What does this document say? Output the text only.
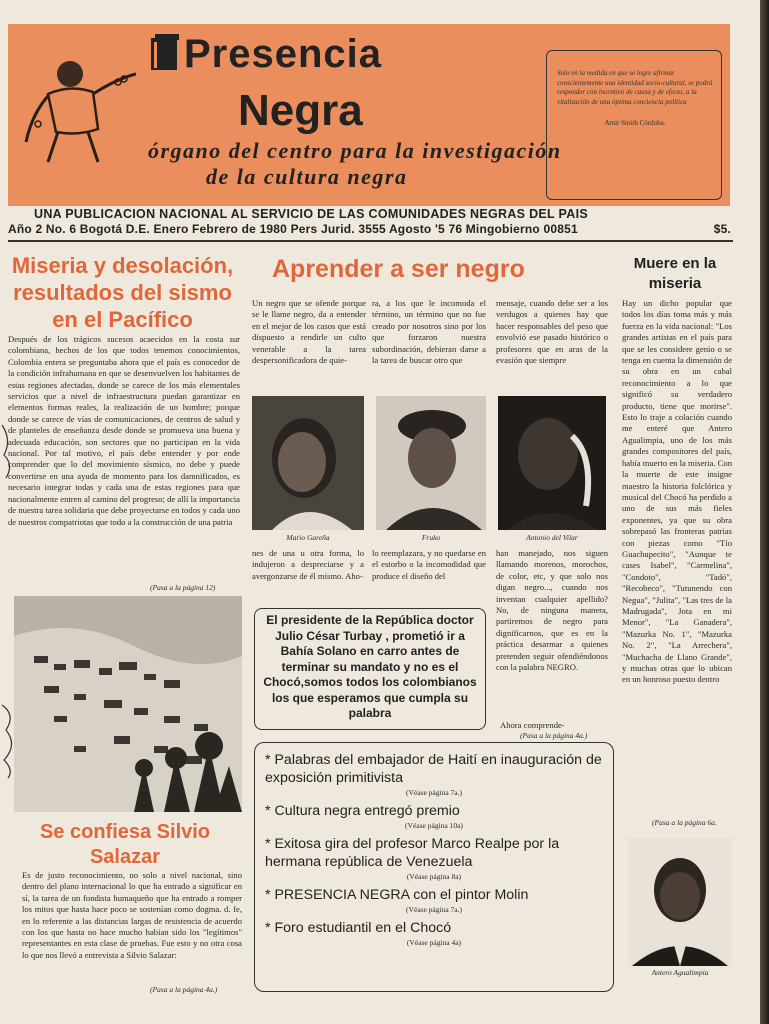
Presencia
Negra
órgano del centro para la investigación
de la cultura negra
Solo en la medida en que se logre afirmar conscientemente una identidad socio-cultural, se podrá responder con incentivo de causa y de efecto, a la vitalización de una óptima conciencia política
Amir Smith Córdoba.
UNA PUBLICACION NACIONAL AL SERVICIO DE LAS COMUNIDADES NEGRAS DEL PAIS
Año 2 No. 6 Bogotá D.E. Enero Febrero de 1980 Pers Jurid. 3555 Agosto '5 76 Mingobierno 00851	$5.
Miseria y desolación, resultados del sismo en el Pacífico
Después de los trágicos sucesos acaecidos en la costa sur colombiana, hechos de los que todos tenemos conocimientos, Colombia entera se preguntaba ahora que el país es conocedor de la condición infrahumana en que se desenvuelven los habitantes de estas regiones afectadas, donde se carece de los más elementales servicios que a nivel de infraestructura puedan garantizar en elementos formas reales, la realización de un hombre; porque donde se carece de vías de comunicaciones, de centros de salud y de planteles de enseñanza desde donde se promueva una buena y adecuada educación, son sectores que no participan en la vida nacional. Por tal motivo, el país debe entender y por ende comprender que lo del movimiento sísmico, no debe y puede convertirse en una ayuda de momento para los damnificados, es necesario integrar todas y cada una de estas regiones para que nacionalmente entren al camino del progreso; de allí la importancia de nuestra tarea solidaria que debe proyectarse en todos y cada uno de nuestros compatriotas que todo a la construcción de una patria
(Pasa a la página 12)
Se confiesa Silvio Salazar
Es de justo reconocimiento, no solo a nivel nacional, sino dentro del plano internacional lo que ha entrado a significar en sí, la tarea de un fondista humaqueño que ha entrado a romper los mitos que hasta hace poco se sostenían como dogma. d. fe, en lo referente a las distancias largas de resistencia de acuerdo con los que hasta no hace mucho habían sido los "legítimos" representantes en esta clase de pruebas. Fue esto y no otra cosa lo que nos llevó a entrevista a Silvio Salazar:
(Pasa a la página 4a.)
Aprender a ser negro
Un negro que se ofende porque se le llame negro, da a entender en el mejor de los casos que está dispuesto a rendirle un culto venerable a la tarea despersonificadora de quie-
ra, a los que le incomoda el término, un término que no fue creado por nosotros sino por los que forzaron nuestra subordinación, debieran darse a la tarea de buscar otro que
mensaje, cuando debe ser a los verdugos a quienes hay que hacer responsables del peso que envolvió ese pasado histórico o profesores que en aras de la evasión que siempre
Mario Gareña	Fruko	Antonio del Vilar
nes de una u otra forma, lo indujeron a despreciarse y a avergonzarse de él mismo. Aho-
lo reemplazara, y no quedarse en el estorbo o la incomodidad que produce el diseño del
han manejado, nos siguen llamando morenos, morochos, de color, etc, y que solo nos digan negro..., cuando nos inventan cualquier apellido? No, de ninguna manera, partiremos de negro para dignificarnos, que es en la práctica desarmar a quienes pretenden seguir ofendiéndonos con la palabra NEGRO.
Ahora comprende-
(Pasa a la página 4a.)
El presidente de la República doctor Julio César Turbay , prometió ir a Bahía Solano en carro antes de terminar su mandato y no es el Chocó,somos todos los colombianos los que esperamos que cumpla su palabra
* Palabras del embajador de Haití en inauguración de exposición primitivista
(Véase página 7a.)
* Cultura negra entregó premio
(Véase página 10a)
* Exitosa gira del profesor Marco Realpe por la hermana república de Venezuela
(Véase página 8a)
* PRESENCIA NEGRA con el pintor Molin
(Véase página 7a.)
* Foro estudiantil en el Chocó
(Véase página 4a)
Muere en la miseria
Hay un dicho popular que todos los días toma más y más fuerza en la vida nacional: "Los grandes artistas en el país para que se les considere genio o se tenga en cuenta la dimensión de su obra en un cabal reconocimiento a lo que significó su verdadero producto, tiene que morirse". Esto lo traje a colación cuando me enteré que Antero Agualimpia, uno de los más grandes compositores del país, había muerto en la miseria. Con la muerte de este insigne maestro la historia folclórica y musical del Chocó ha perdido a uno de sus más fieles exponentes, ya que su obra sobrepasó las fronteras patrias con piezas como "Tío Guachupecito", "Aunque te cases Isabel", "Carmelina", "Condoto", "Tadó", "Recobeco", "Tutunendo con Negua", "Julita", "Las tres de la Madrugada", Jota en mi Menor", "La Ganadera", "Mazurka No. 1", "Mazurka No. 2", "La Arrechera", "Muchacha de Llano Grande", y muchas otras que lo ubican en un honroso puesto dentro
(Pasa a la página 6a.
Antero Agualimpia
